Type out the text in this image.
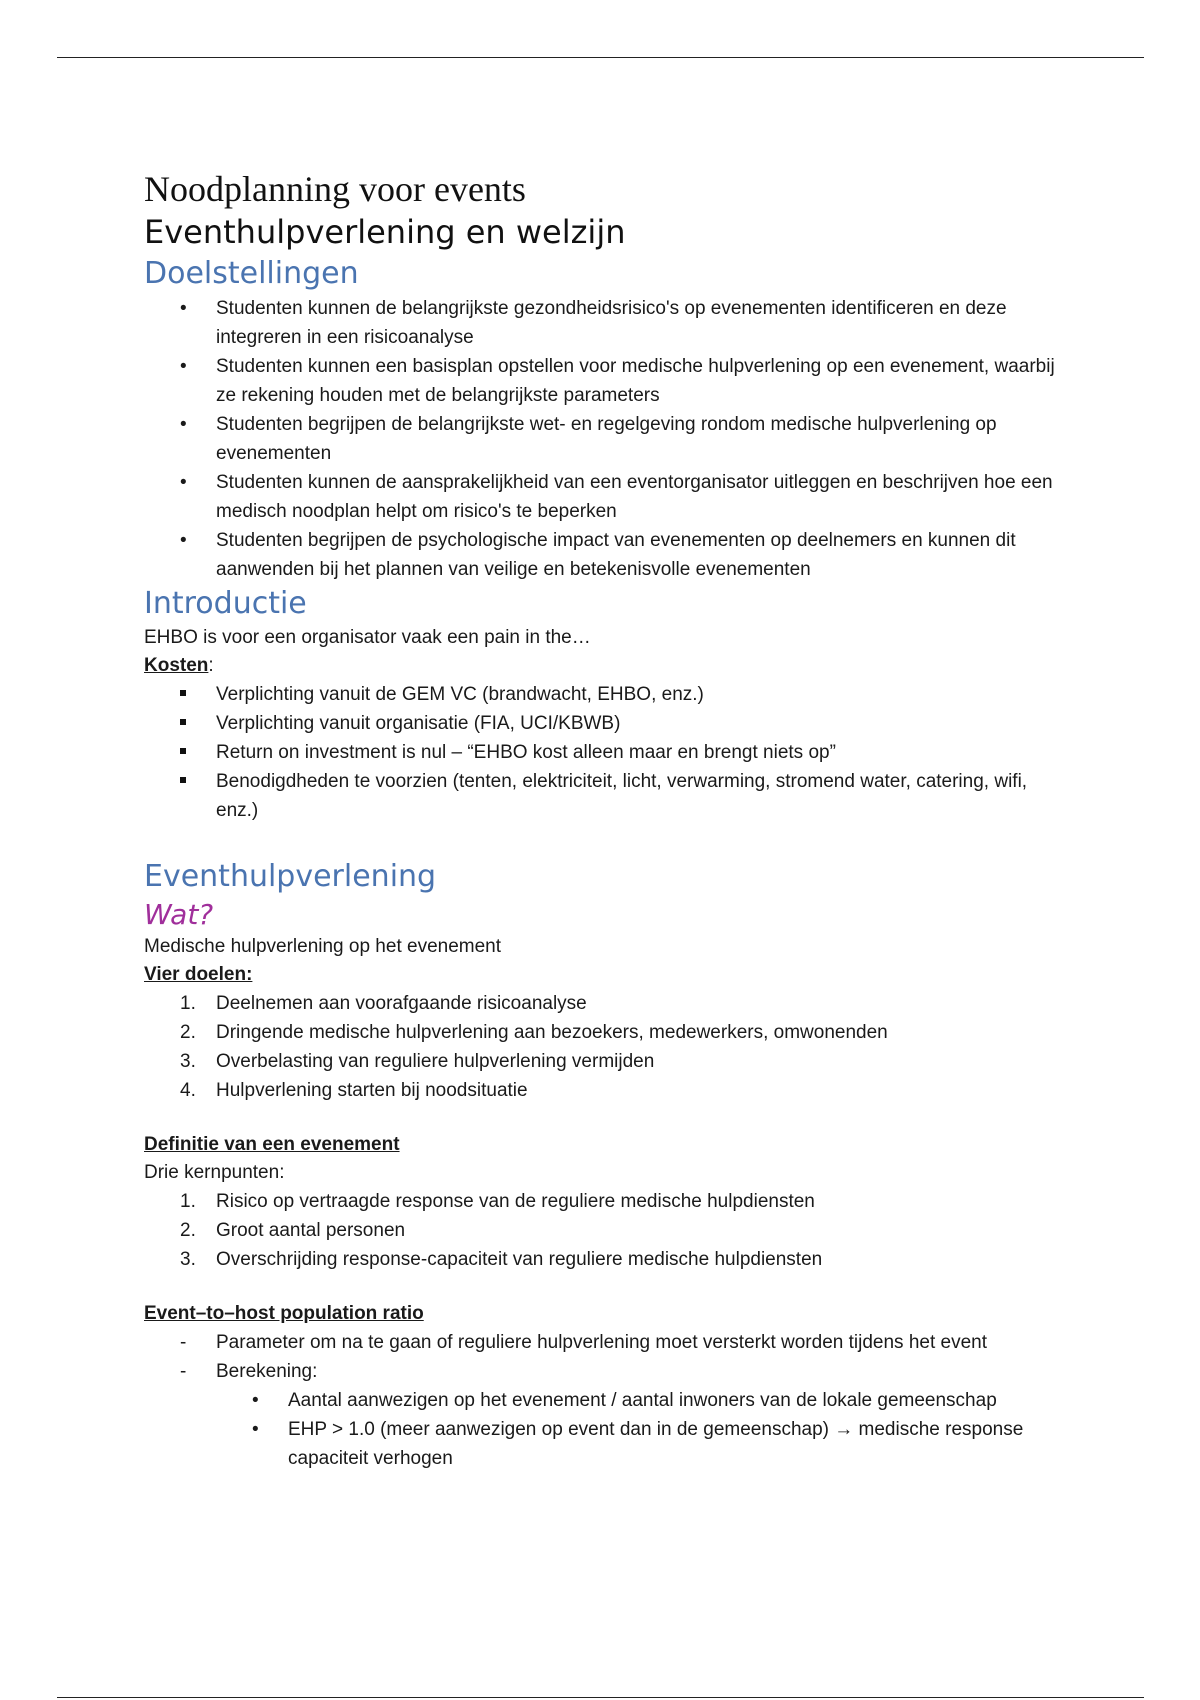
Noodplanning voor events
Eventhulpverlening en welzijn
Doelstellingen
•	Studenten kunnen de belangrijkste gezondheidsrisico's op evenementen identificeren en deze integreren in een risicoanalyse
•	Studenten kunnen een basisplan opstellen voor medische hulpverlening op een evenement, waarbij ze rekening houden met de belangrijkste parameters
•	Studenten begrijpen de belangrijkste wet- en regelgeving rondom medische hulpverlening op evenementen
•	Studenten kunnen de aansprakelijkheid van een eventorganisator uitleggen en beschrijven hoe een medisch noodplan helpt om risico's te beperken
•	Studenten begrijpen de psychologische impact van evenementen op deelnemers en kunnen dit aanwenden bij het plannen van veilige en betekenisvolle evenementen
Introductie

EHBO is voor een organisator vaak een pain in the…

Kosten:

Verplichting vanuit de GEM VC (brandwacht, EHBO, enz.)
Verplichting vanuit organisatie (FIA, UCI/KBWB)
Return on investment is nul – “EHBO kost alleen maar en brengt niets op”
Benodigdheden te voorzien (tenten, elektriciteit, licht, verwarming, stromend water, catering, wifi, enz.)
Eventhulpverlening
Wat?

Medische hulpverlening op het evenement

Vier doelen:

1.	Deelnemen aan voorafgaande risicoanalyse
2.	Dringende medische hulpverlening aan bezoekers, medewerkers, omwonenden
3.	Overbelasting van reguliere hulpverlening vermijden
4.	Hulpverlening starten bij noodsituatie

Definitie van een evenement

Drie kernpunten:

1.	Risico op vertraagde response van de reguliere medische hulpdiensten
2.	Groot aantal personen
3.	Overschrijding response-capaciteit van reguliere medische hulpdiensten

Event–to–host population ratio

-	Parameter om na te gaan of reguliere hulpverlening moet versterkt worden tijdens het event
-	Berekening:
•	Aantal aanwezigen op het evenement / aantal inwoners van de lokale gemeenschap
•	EHP > 1.0 (meer aanwezigen op event dan in de gemeenschap) → medische response capaciteit verhogen
